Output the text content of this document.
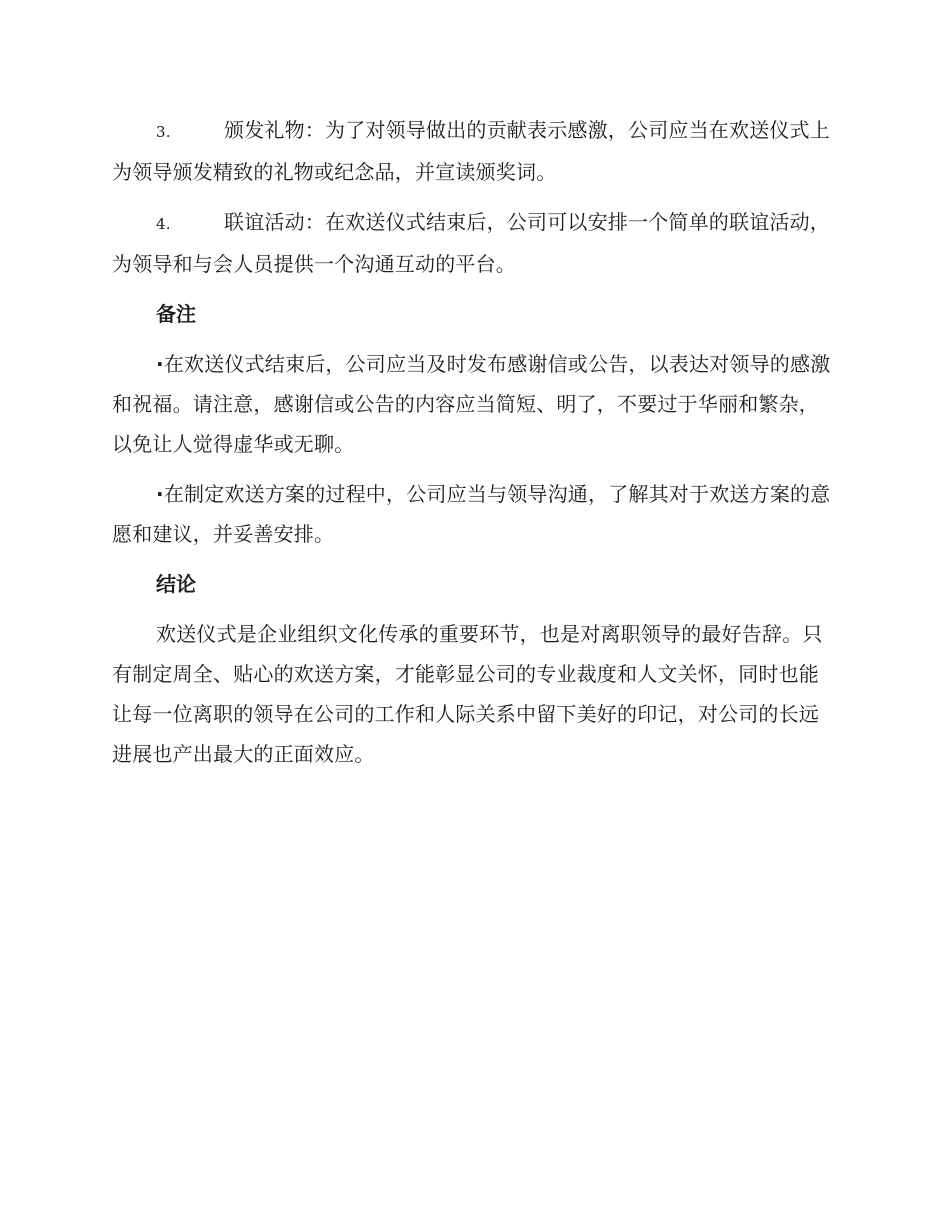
3.	颁发礼物：为了对领导做出的贡献表示感激，公司应当在欢送仪式上为领导颁发精致的礼物或纪念品，并宣读颁奖词。

4.	联谊活动：在欢送仪式结束后，公司可以安排一个简单的联谊活动，为领导和与会人员提供一个沟通互动的平台。

备注

·在欢送仪式结束后，公司应当及时发布感谢信或公告，以表达对领导的感激和祝福。请注意，感谢信或公告的内容应当简短、明了，不要过于华丽和繁杂，以免让人觉得虚华或无聊。

·在制定欢送方案的过程中，公司应当与领导沟通，了解其对于欢送方案的意愿和建议，并妥善安排。

结论

欢送仪式是企业组织文化传承的重要环节，也是对离职领导的最好告辞。只有制定周全、贴心的欢送方案，才能彰显公司的专业裁度和人文关怀，同时也能让每一位离职的领导在公司的工作和人际关系中留下美好的印记，对公司的长远进展也产出最大的正面效应。
